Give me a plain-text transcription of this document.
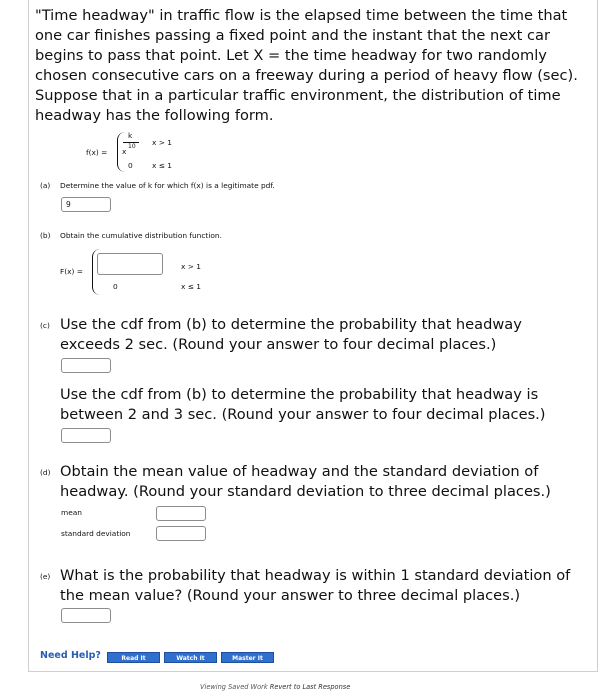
"Time headway" in traffic flow is the elapsed time between the time that one car finishes passing a fixed point and the instant that the next car begins to pass that point. Let X = the time headway for two randomly chosen consecutive cars on a freeway during a period of heavy flow (sec). Suppose that in a particular traffic environment, the distribution of time headway has the following form.
f(x) =
k
x
10 x > 1
0	x ≤ 1
(a) Determine the value of k for which f(x) is a legitimate pdf.
9
(b) Obtain the cumulative distribution function.
F(x) =
x > 1
0	x ≤ 1
(c) Use the cdf from (b) to determine the probability that headway exceeds 2 sec. (Round your answer to four decimal places.)
Use the cdf from (b) to determine the probability that headway is between 2 and 3 sec. (Round your answer to four decimal places.)
(d) Obtain the mean value of headway and the standard deviation of headway. (Round your standard deviation to three decimal places.)
mean
standard deviation
(e) What is the probability that headway is within 1 standard deviation of the mean value? (Round your answer to three decimal places.)
Need Help?	Read It	Watch It	Master It
Viewing Saved Work Revert to Last Response
